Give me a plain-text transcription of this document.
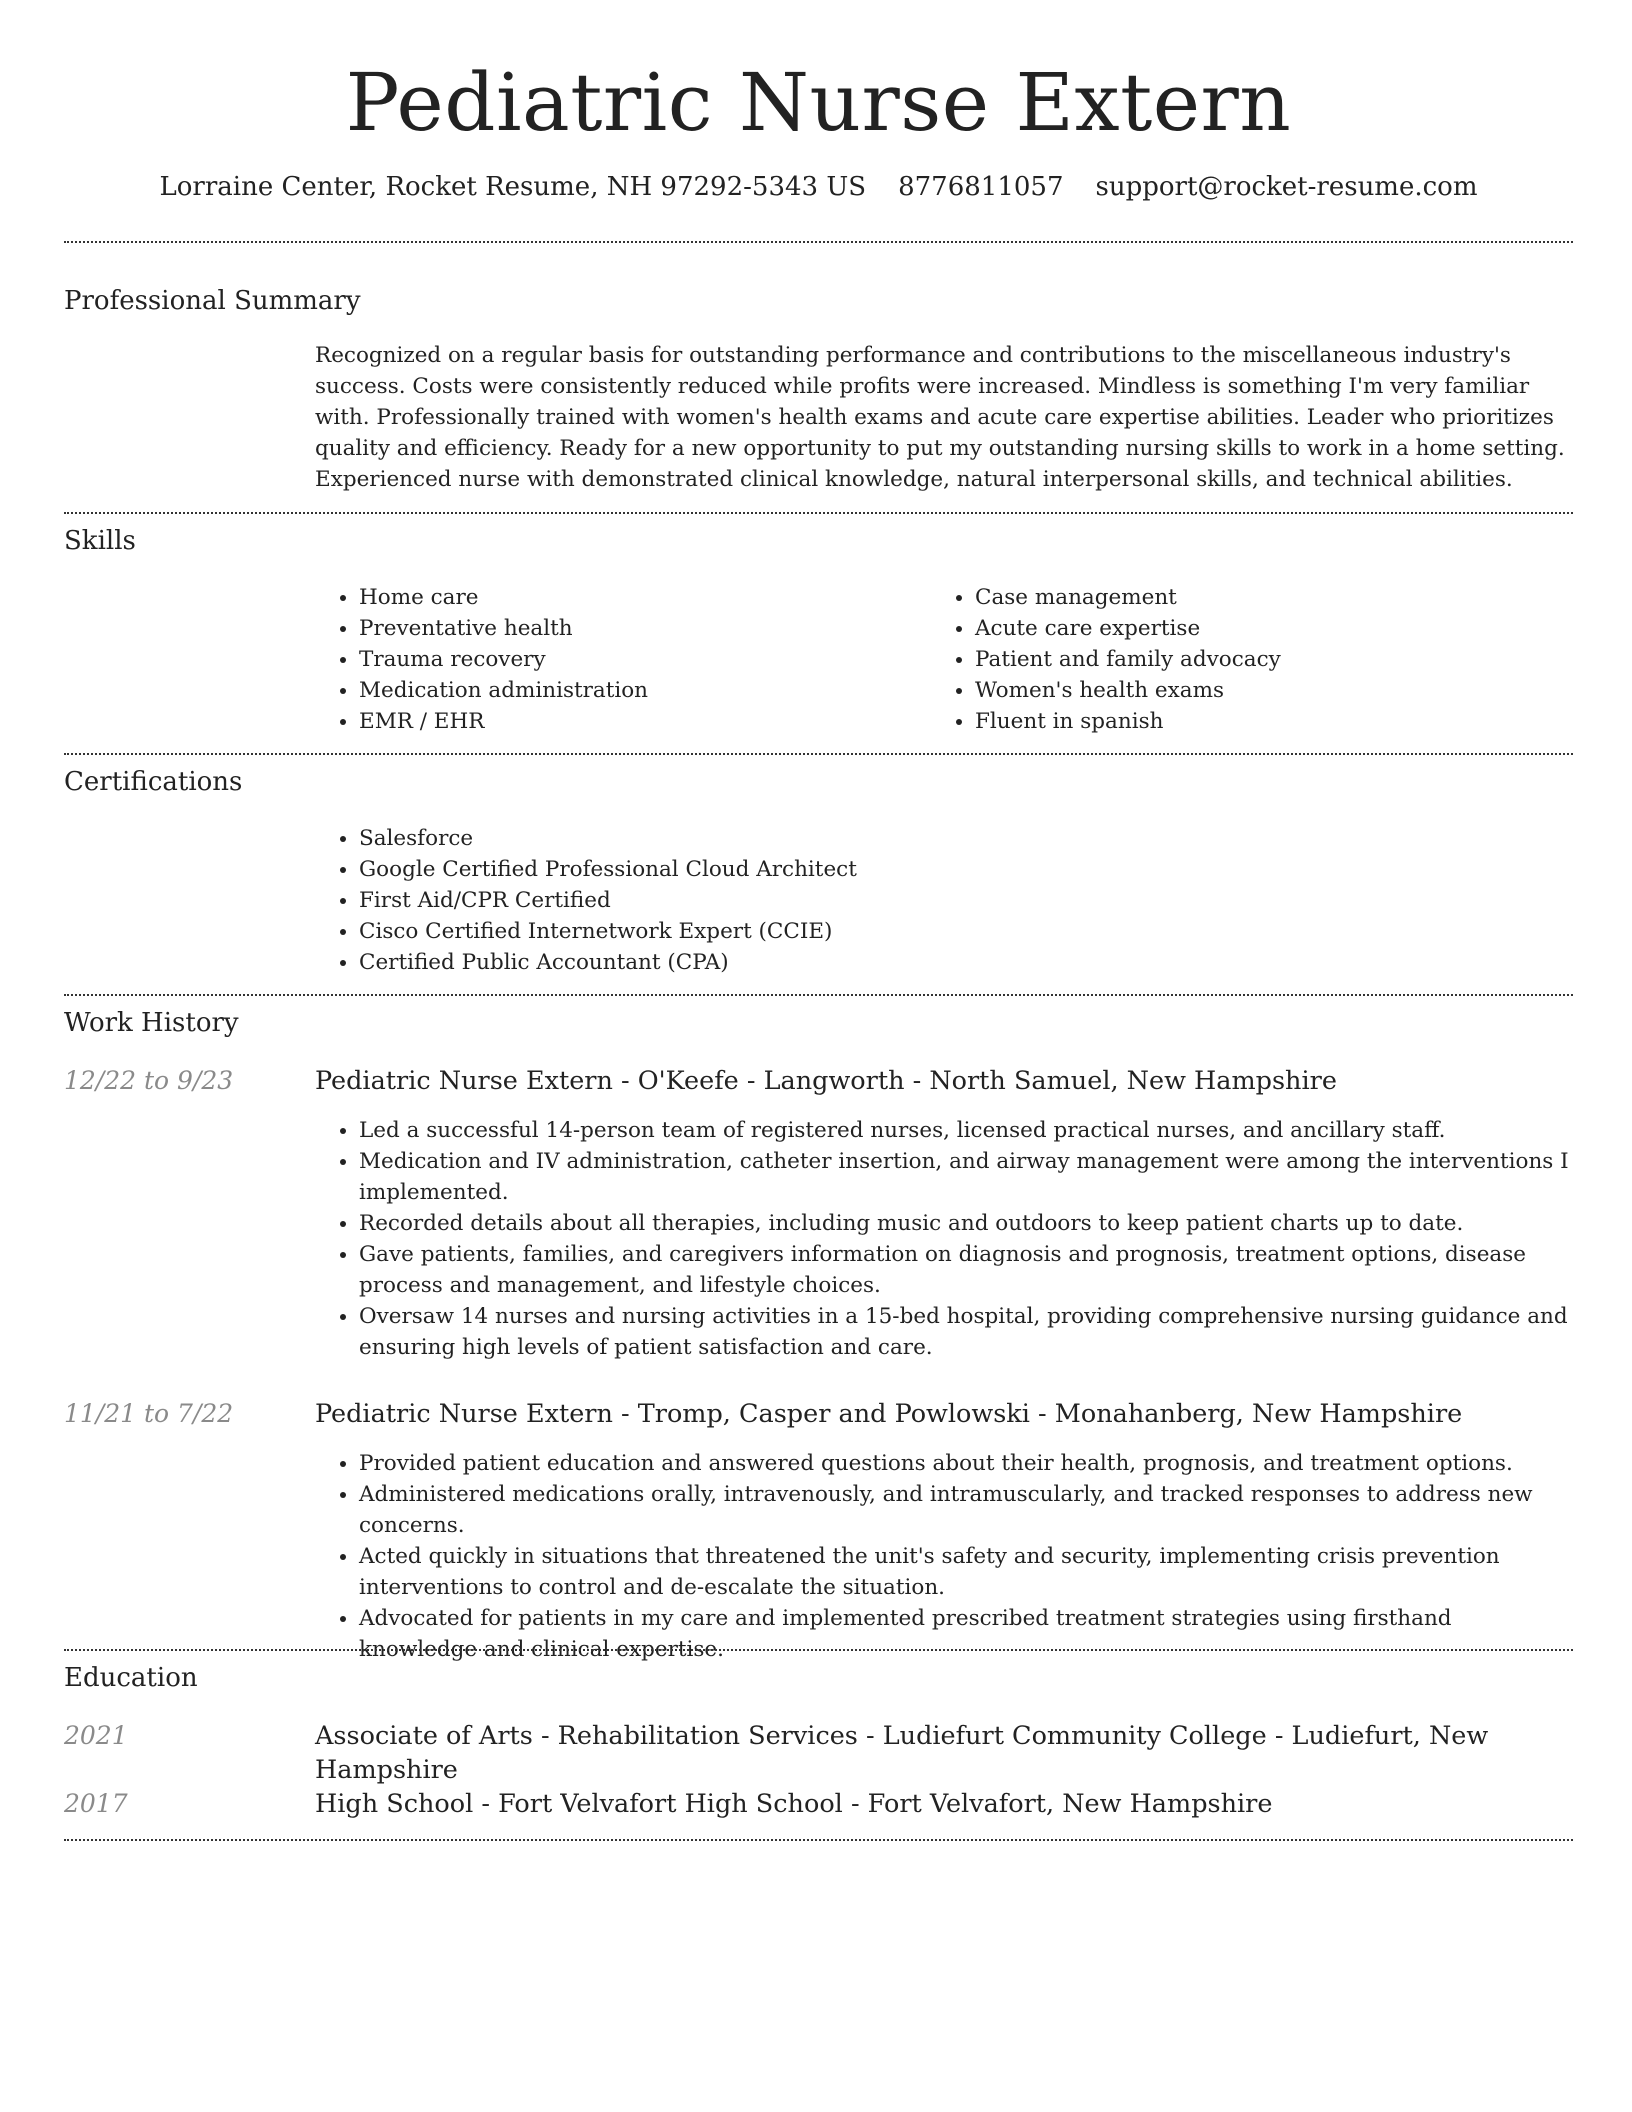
Pediatric Nurse Extern
Lorraine Center, Rocket Resume, NH 97292-5343 US 8776811057 support@rocket-resume.com
Professional Summary
Recognized on a regular basis for outstanding performance and contributions to the miscellaneous industry's success. Costs were consistently reduced while profits were increased. Mindless is something I'm very familiar with. Professionally trained with women's health exams and acute care expertise abilities. Leader who prioritizes quality and efficiency. Ready for a new opportunity to put my outstanding nursing skills to work in a home setting. Experienced nurse with demonstrated clinical knowledge, natural interpersonal skills, and technical abilities.
Skills
• Home care
• Preventative health
• Trauma recovery
• Medication administration
• EMR / EHR
• Case management
• Acute care expertise
• Patient and family advocacy
• Women's health exams
• Fluent in spanish
Certifications
• Salesforce
• Google Certified Professional Cloud Architect
• First Aid/CPR Certified
• Cisco Certified Internetwork Expert (CCIE)
• Certified Public Accountant (CPA)
Work History
12/22 to 9/23	Pediatric Nurse Extern - O'Keefe - Langworth - North Samuel, New Hampshire
• Led a successful 14-person team of registered nurses, licensed practical nurses, and ancillary staff.
• Medication and IV administration, catheter insertion, and airway management were among the interventions I implemented.
• Recorded details about all therapies, including music and outdoors to keep patient charts up to date.
• Gave patients, families, and caregivers information on diagnosis and prognosis, treatment options, disease process and management, and lifestyle choices.
• Oversaw 14 nurses and nursing activities in a 15-bed hospital, providing comprehensive nursing guidance and ensuring high levels of patient satisfaction and care.
11/21 to 7/22	Pediatric Nurse Extern - Tromp, Casper and Powlowski - Monahanberg, New Hampshire
• Provided patient education and answered questions about their health, prognosis, and treatment options.
• Administered medications orally, intravenously, and intramuscularly, and tracked responses to address new concerns.
• Acted quickly in situations that threatened the unit's safety and security, implementing crisis prevention interventions to control and de-escalate the situation.
• Advocated for patients in my care and implemented prescribed treatment strategies using firsthand knowledge and clinical expertise.
Education
2021	Associate of Arts - Rehabilitation Services - Ludiefurt Community College - Ludiefurt, New Hampshire
2017	High School - Fort Velvafort High School - Fort Velvafort, New Hampshire
